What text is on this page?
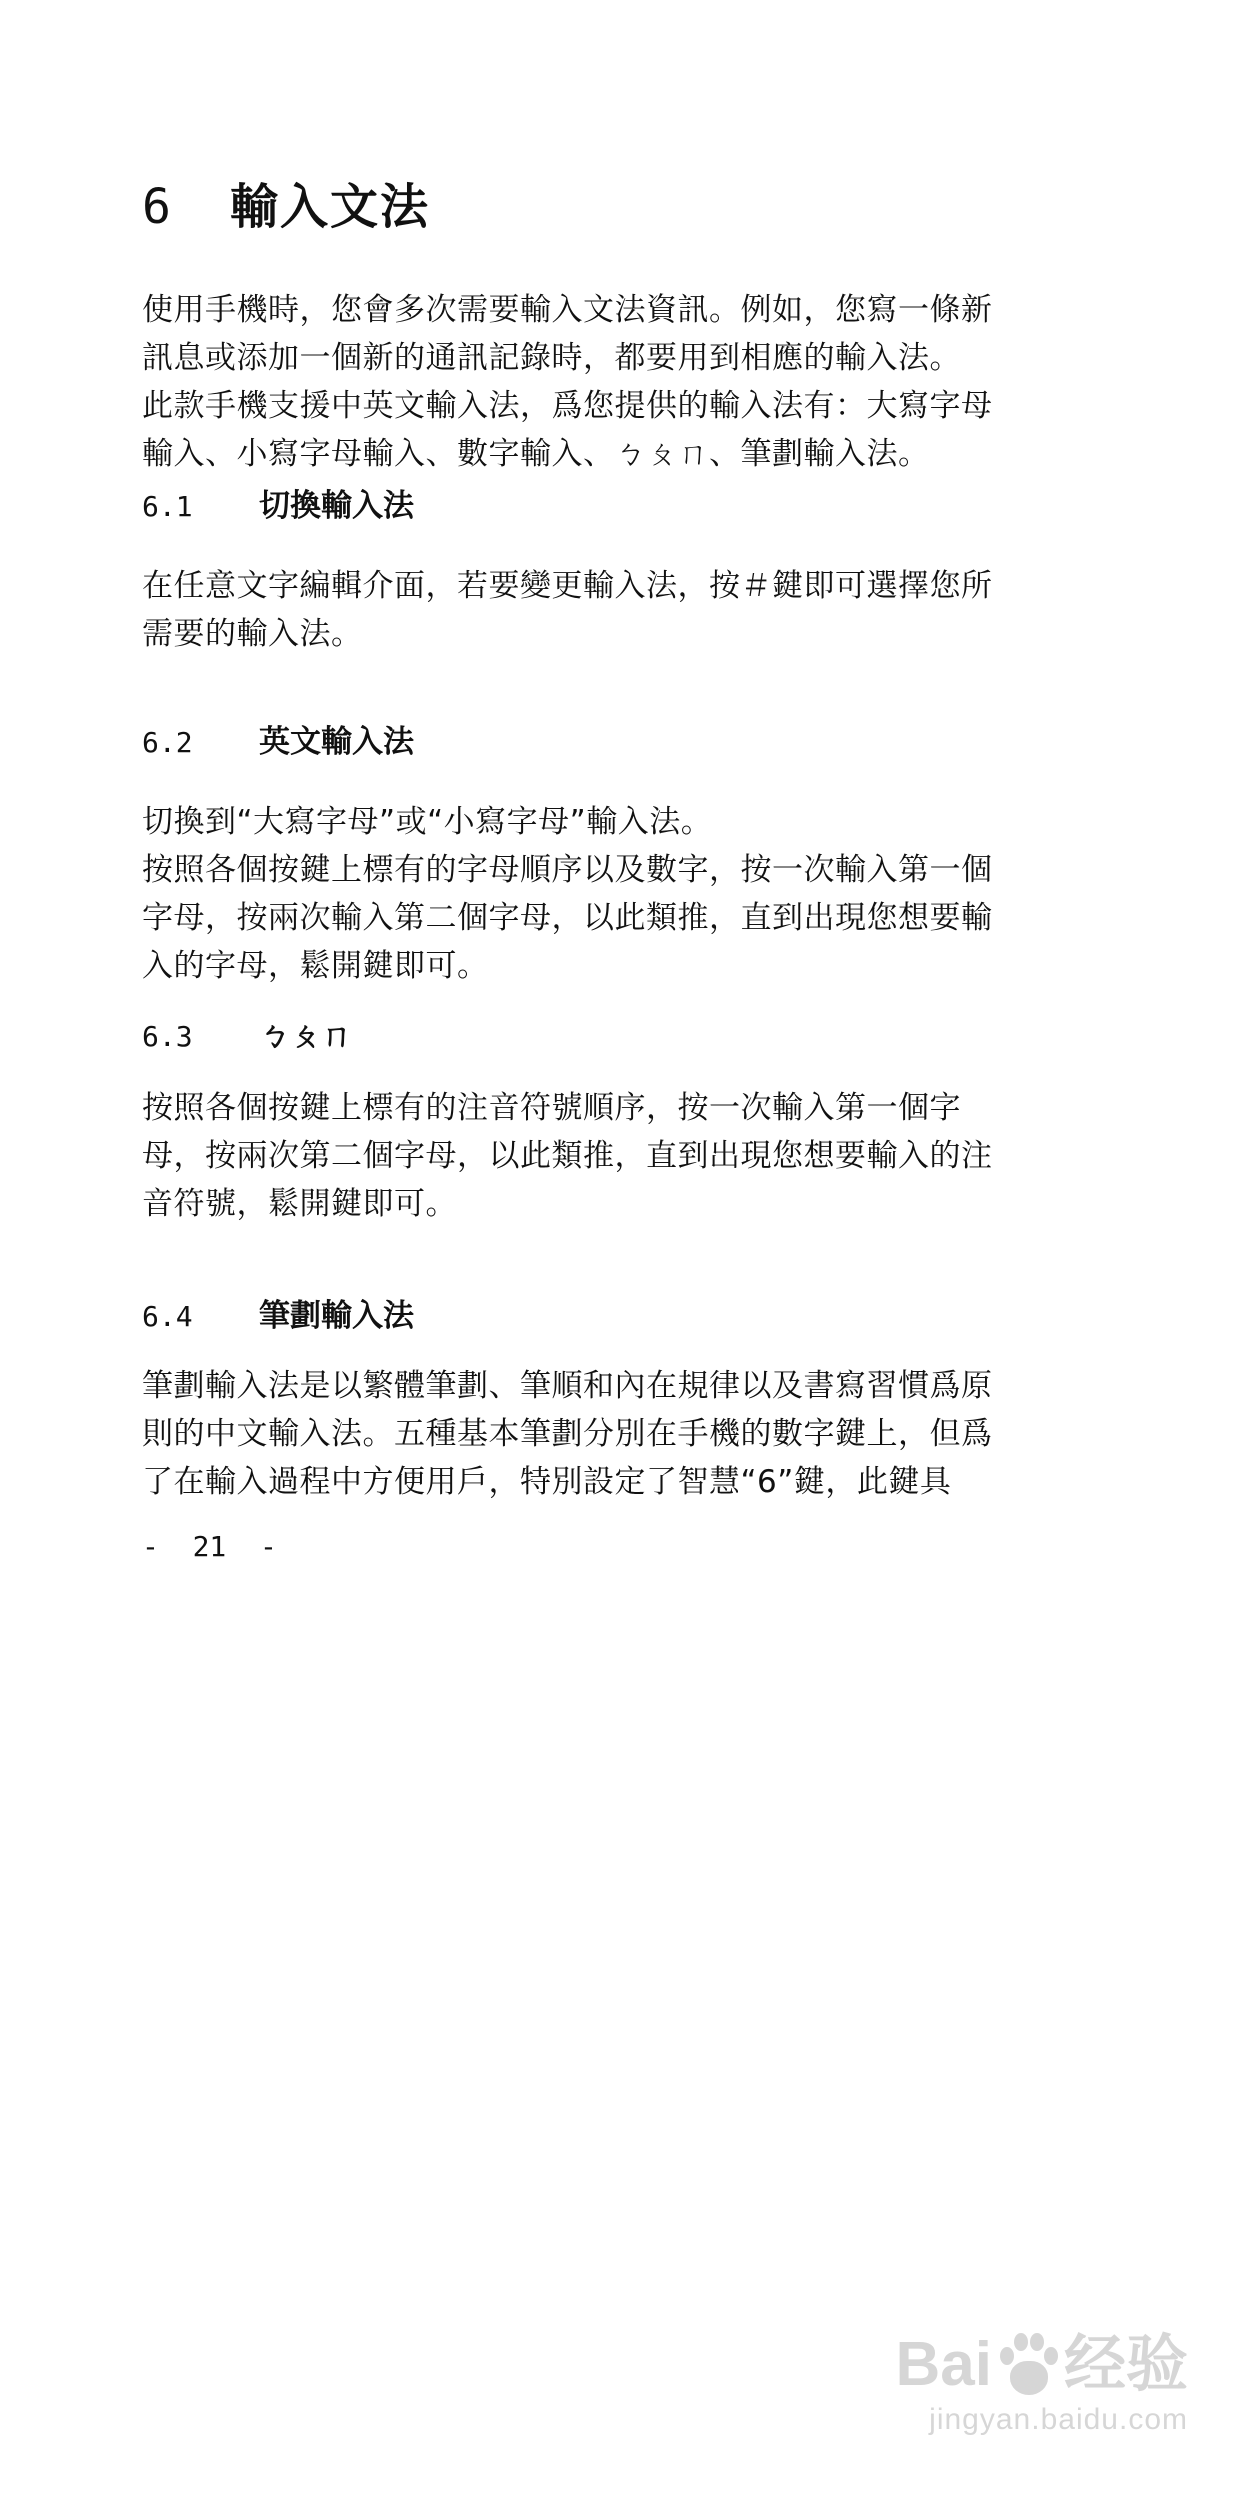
6	輸入文法

使用手機時，您會多次需要輸入文法資訊。例如，您寫一條新
訊息或添加一個新的通訊記錄時，都要用到相應的輸入法。
此款手機支援中英文輸入法，爲您提供的輸入法有：大寫字母
輸入、小寫字母輸入、數字輸入、ㄅㄆㄇ、筆劃輸入法。

6.1	切換輸入法

在任意文字編輯介面，若要變更輸入法，按＃鍵即可選擇您所
需要的輸入法。

6.2	英文輸入法

切換到“大寫字母”或“小寫字母”輸入法。
按照各個按鍵上標有的字母順序以及數字，按一次輸入第一個
字母，按兩次輸入第二個字母，以此類推，直到出現您想要輸
入的字母，鬆開鍵即可。

6.3	ㄅㄆㄇ

按照各個按鍵上標有的注音符號順序，按一次輸入第一個字
母，按兩次第二個字母，以此類推，直到出現您想要輸入的注
音符號，鬆開鍵即可。

6.4	筆劃輸入法

筆劃輸入法是以繁體筆劃、筆順和內在規律以及書寫習慣爲原
則的中文輸入法。五種基本筆劃分別在手機的數字鍵上，但爲
了在輸入過程中方便用戶，特別設定了智慧“6”鍵，此鍵具

-  21  -
Bai 经验
jingyan.baidu.com
